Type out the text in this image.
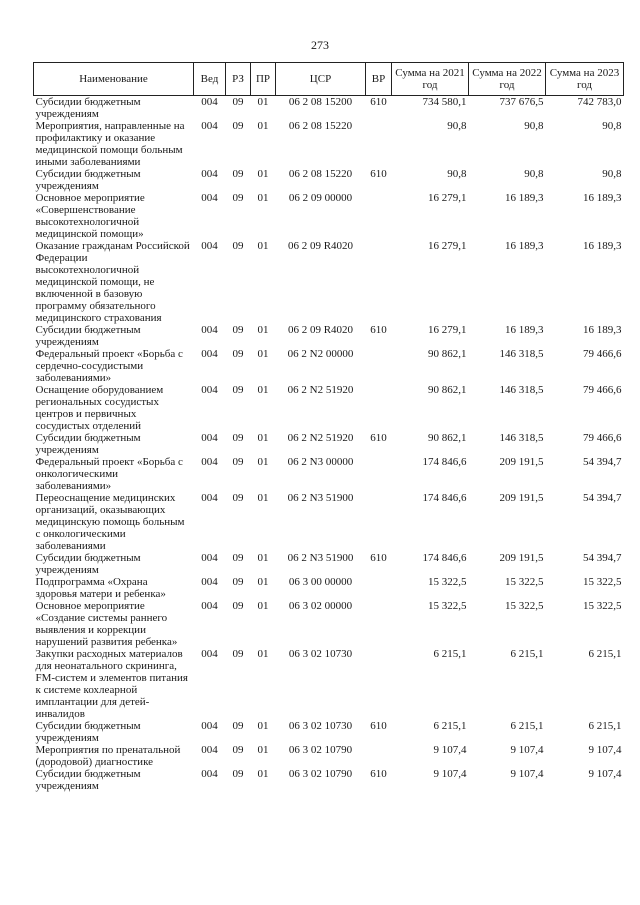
273
Наименование	Вед	РЗ	ПР	ЦСР	ВР	Сумма на 2021 год	Сумма на 2022 год	Сумма на 2023 год
Субсидии бюджетным учреждениям	004	09	01	06 2 08 15200	610	734 580,1	737 676,5	742 783,0
Мероприятия, направленные на профилактику и оказание медицинской помощи больным иными заболеваниями	004	09	01	06 2 08 15220		90,8	90,8	90,8
Субсидии бюджетным учреждениям	004	09	01	06 2 08 15220	610	90,8	90,8	90,8
Основное мероприятие «Совершенствование высокотехнологичной медицинской помощи»	004	09	01	06 2 09 00000		16 279,1	16 189,3	16 189,3
Оказание гражданам Российской Федерации высокотехнологичной медицинской помощи, не включенной в базовую программу обязательного медицинского страхования	004	09	01	06 2 09 R4020		16 279,1	16 189,3	16 189,3
Субсидии бюджетным учреждениям	004	09	01	06 2 09 R4020	610	16 279,1	16 189,3	16 189,3
Федеральный проект «Борьба с сердечно-сосудистыми заболеваниями»	004	09	01	06 2 N2 00000		90 862,1	146 318,5	79 466,6
Оснащение оборудованием региональных сосудистых центров и первичных сосудистых отделений	004	09	01	06 2 N2 51920		90 862,1	146 318,5	79 466,6
Субсидии бюджетным учреждениям	004	09	01	06 2 N2 51920	610	90 862,1	146 318,5	79 466,6
Федеральный проект «Борьба с онкологическими заболеваниями»	004	09	01	06 2 N3 00000		174 846,6	209 191,5	54 394,7
Переоснащение медицинских организаций, оказывающих медицинскую помощь больным с онкологическими заболеваниями	004	09	01	06 2 N3 51900		174 846,6	209 191,5	54 394,7
Субсидии бюджетным учреждениям	004	09	01	06 2 N3 51900	610	174 846,6	209 191,5	54 394,7
Подпрограмма «Охрана здоровья матери и ребенка»	004	09	01	06 3 00 00000		15 322,5	15 322,5	15 322,5
Основное мероприятие «Создание системы раннего выявления и коррекции нарушений развития ребенка»	004	09	01	06 3 02 00000		15 322,5	15 322,5	15 322,5
Закупки расходных материалов для неонатального скрининга, FM-систем и элементов питания к системе кохлеарной имплантации для детей-инвалидов	004	09	01	06 3 02 10730		6 215,1	6 215,1	6 215,1
Субсидии бюджетным учреждениям	004	09	01	06 3 02 10730	610	6 215,1	6 215,1	6 215,1
Мероприятия по пренатальной (дородовой) диагностике	004	09	01	06 3 02 10790		9 107,4	9 107,4	9 107,4
Субсидии бюджетным учреждениям	004	09	01	06 3 02 10790	610	9 107,4	9 107,4	9 107,4
